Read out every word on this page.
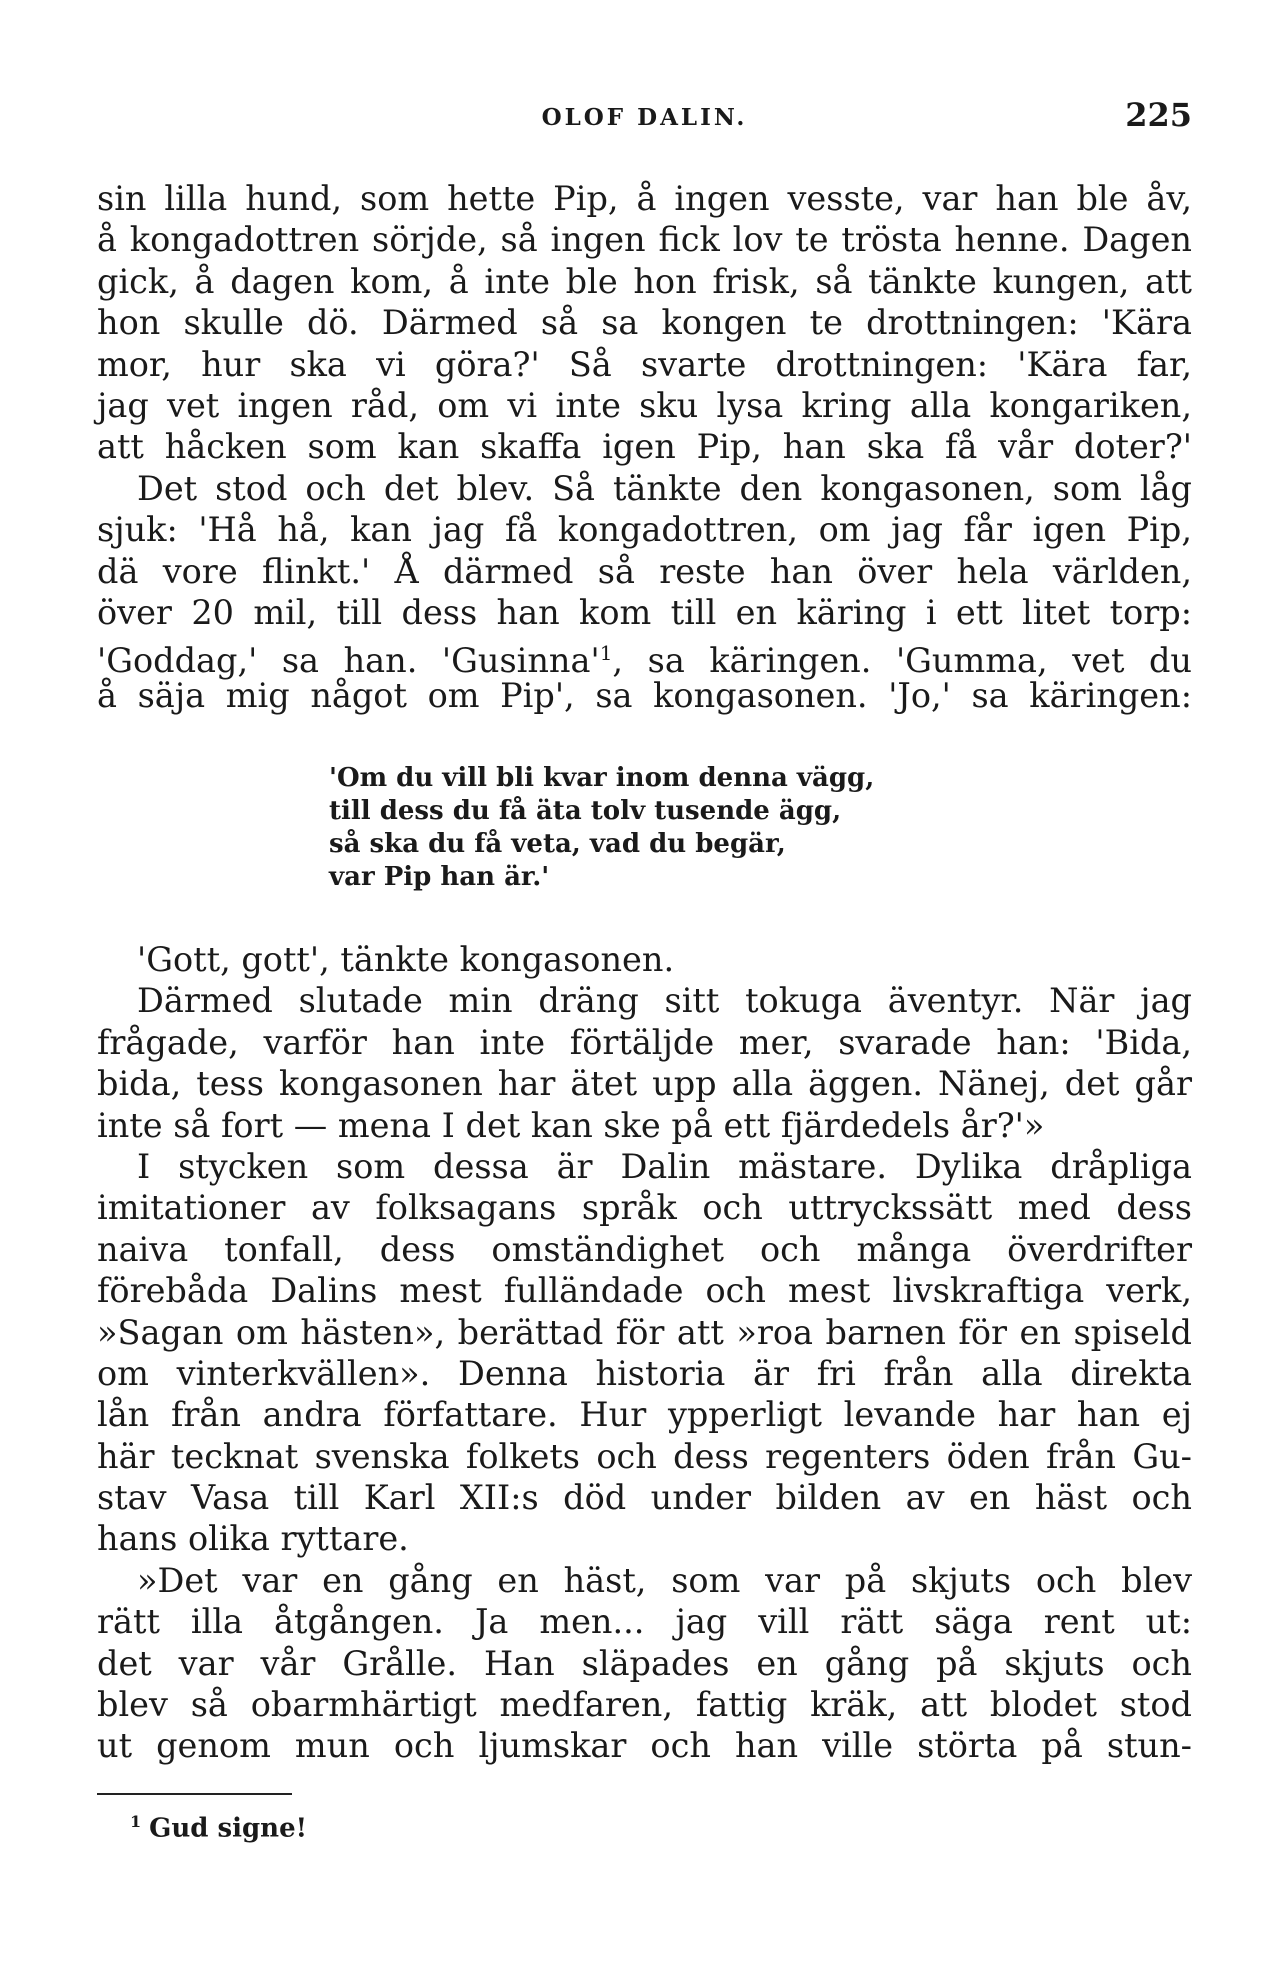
OLOF DALIN.	225
sin lilla hund, som hette Pip, å ingen vesste, var han ble åv,
å kongadottren sörjde, så ingen fick lov te trösta henne. Dagen
gick, å dagen kom, å inte ble hon frisk, så tänkte kungen, att
hon skulle dö. Därmed så sa kongen te drottningen: 'Kära
mor, hur ska vi göra?' Så svarte drottningen: 'Kära far,
jag vet ingen råd, om vi inte sku lysa kring alla kongariken,
att håcken som kan skaffa igen Pip, han ska få vår doter?'
Det stod och det blev. Så tänkte den kongasonen, som låg
sjuk: 'Hå hå, kan jag få kongadottren, om jag får igen Pip,
dä vore flinkt.' Å därmed så reste han över hela världen,
över 20 mil, till dess han kom till en käring i ett litet torp:
'Goddag,' sa han. '$Gusinna'^1$, sa käringen. 'Gumma, vet du
å säja mig något om Pip', sa kongasonen. 'Jo,' sa käringen:
'Om du vill bli kvar inom denna vägg,
till dess du få äta tolv tusende ägg,
så ska du få veta, vad du begär,
var Pip han är.'
'Gott, gott', tänkte kongasonen.
Därmed slutade min dräng sitt tokuga äventyr. När jag
frågade, varför han inte förtäljde mer, svarade han: 'Bida,
bida, tess kongasonen har ätet upp alla äggen. Nänej, det går
inte så fort — mena I det kan ske på ett fjärdedels år?'»
I stycken som dessa är Dalin mästare. Dylika dråpliga
imitationer av folksagans språk och uttryckssätt med dess
naiva tonfall, dess omständighet och många överdrifter
förebåda Dalins mest fulländade och mest livskraftiga verk,
»Sagan om hästen», berättad för att »roa barnen för en spiseld
om vinterkvällen». Denna historia är fri från alla direkta
lån från andra författare. Hur ypperligt levande har han ej
här tecknat svenska folkets och dess regenters öden från Gu-
stav Vasa till Karl XII:s död under bilden av en häst och
hans olika ryttare.
»Det var en gång en häst, som var på skjuts och blev
rätt illa åtgången. Ja men... jag vill rätt säga rent ut:
det var vår Grålle. Han släpades en gång på skjuts och
blev så obarmhärtigt medfaren, fattig kräk, att blodet stod
ut genom mun och ljumskar och han ville störta på stun-
$^1$ Gud signe!
